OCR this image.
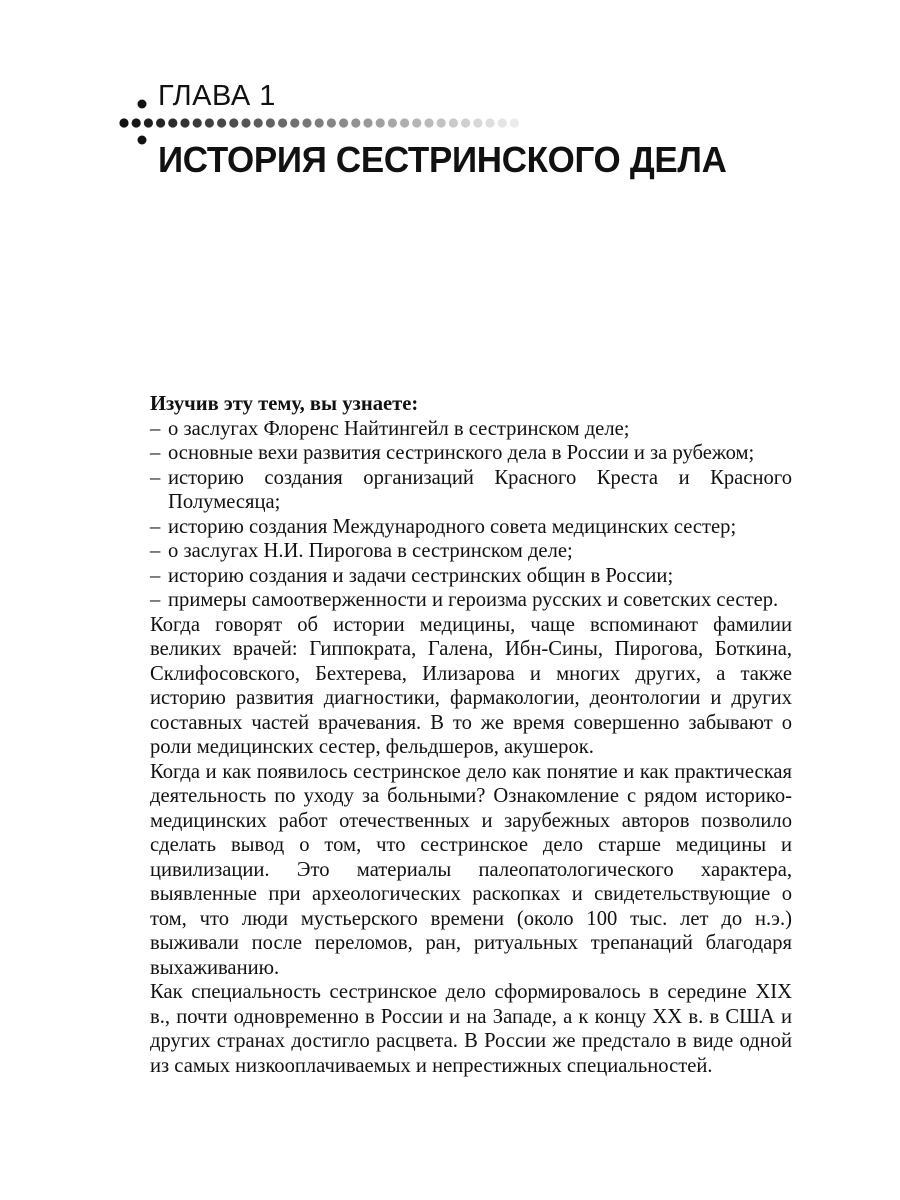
ГЛАВА 1
ИСТОРИЯ СЕСТРИНСКОГО ДЕЛА

Изучив эту тему, вы узнаете:

– о заслугах Флоренс Найтингейл в сестринском деле;
– основные вехи развития сестринского дела в России и за рубежом;
– историю создания организаций Красного Креста и Красного Полумесяца;
– историю создания Международного совета медицинских сестер;
– о заслугах Н.И. Пирогова в сестринском деле;
– историю создания и задачи сестринских общин в России;
– примеры самоотверженности и героизма русских и советских сестер.

Когда говорят об истории медицины, чаще вспоминают фамилии великих врачей: Гиппократа, Галена, Ибн-Сины, Пирогова, Боткина, Склифосовского, Бехтерева, Илизарова и многих других, а также историю развития диагностики, фармакологии, деонтологии и других составных частей врачевания. В то же время совершенно забывают о роли медицинских сестер, фельдшеров, акушерок.

Когда и как появилось сестринское дело как понятие и как практическая деятельность по уходу за больными? Ознакомление с рядом историко-медицинских работ отечественных и зарубежных авторов позволило сделать вывод о том, что сестринское дело старше медицины и цивилизации. Это материалы палеопатологического характера, выявленные при археологических раскопках и свидетельствующие о том, что люди мустьерского времени (около 100 тыс. лет до н.э.) выживали после переломов, ран, ритуальных трепанаций благодаря выхаживанию.

Как специальность сестринское дело сформировалось в середине XIX в., почти одновременно в России и на Западе, а к концу XX в. в США и других странах достигло расцвета. В России же предстало в виде одной из самых низкооплачиваемых и непрестижных специальностей.
